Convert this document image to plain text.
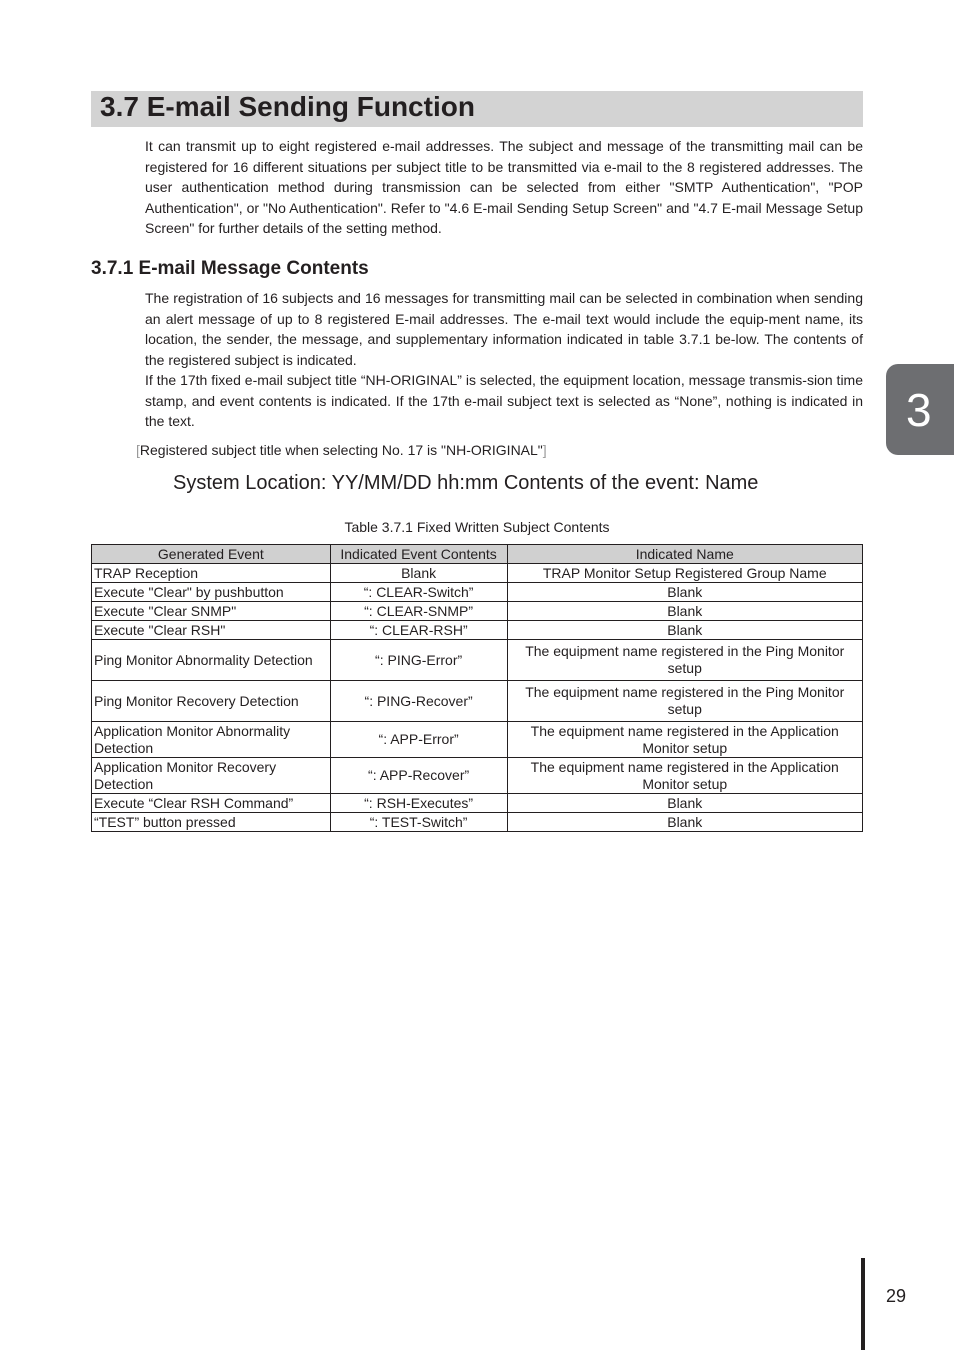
3.7 E-mail Sending Function

It can transmit up to eight registered e-mail addresses. The subject and message of the transmitting mail can be registered for 16 different situations per subject title to be transmitted via e-mail to the 8 registered addresses. The user authentication method during transmission can be selected from either "SMTP Authentication", "POP Authentication", or "No Authentication". Refer to "4.6 E-mail Sending Setup Screen" and "4.7 E-mail Message Setup Screen" for further details of the setting method.

3.7.1 E-mail Message Contents

The registration of 16 subjects and 16 messages for transmitting mail can be selected in combination when sending an alert message of up to 8 registered E-mail addresses. The e-mail text would include the equip-ment name, its location, the sender, the message, and supplementary information indicated in table 3.7.1 be-low. The contents of the registered subject is indicated.

If the 17th fixed e-mail subject title “NH-ORIGINAL” is selected, the equipment location, message transmis-sion time stamp, and event contents is indicated. If the 17th e-mail subject text is selected as “None”, nothing is indicated in the text.

[Registered subject title when selecting No. 17 is "NH-ORIGINAL"]
System Location: YY/MM/DD hh:mm Contents of the event: Name
Table 3.7.1 Fixed Written Subject Contents
Generated Event	Indicated Event Contents	Indicated Name
TRAP Reception	Blank	TRAP Monitor Setup Registered Group Name
Execute "Clear" by pushbutton	“: CLEAR-Switch”	Blank
Execute "Clear SNMP"	“: CLEAR-SNMP”	Blank
Execute "Clear RSH"	“: CLEAR-RSH”	Blank
Ping Monitor Abnormality Detection	“: PING-Error”	The equipment name registered in the Ping Monitor setup
Ping Monitor Recovery Detection	“: PING-Recover”	The equipment name registered in the Ping Monitor setup
Application Monitor Abnormality Detection	“: APP-Error”	The equipment name registered in the Application Monitor setup
Application Monitor Recovery Detection	“: APP-Recover”	The equipment name registered in the Application Monitor setup
Execute “Clear RSH Command”	“: RSH-Executes”	Blank
“TEST” button pressed	“: TEST-Switch”	Blank
3
29
